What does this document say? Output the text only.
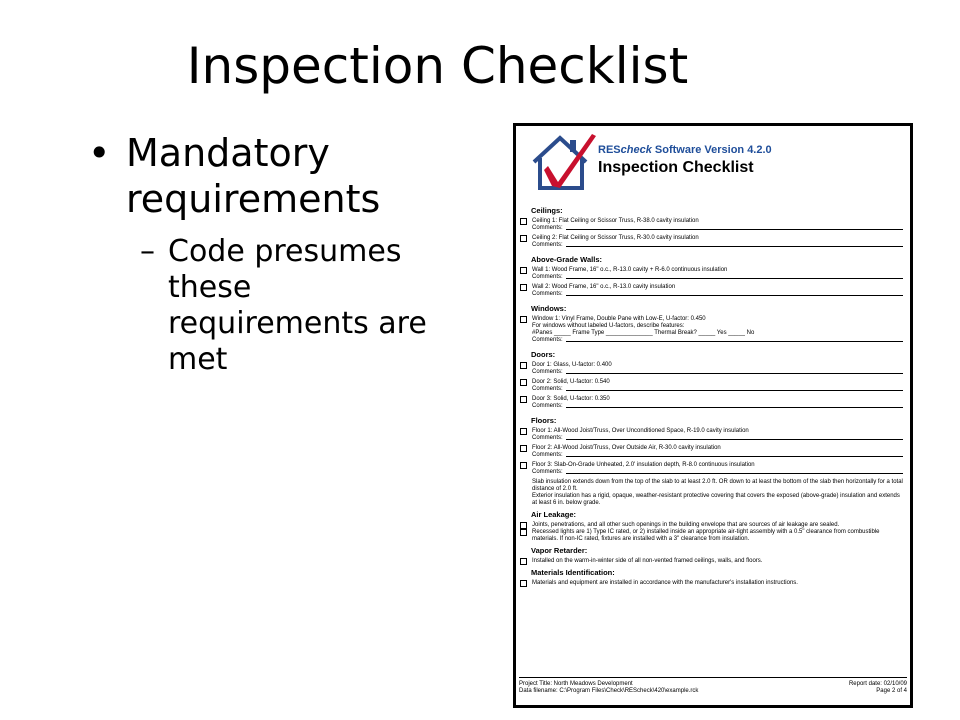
Inspection Checklist
• Mandatory requirements
– Code presumes these requirements are met
REScheck Software Version 4.2.0
Inspection Checklist
Ceilings:
Ceiling 1: Flat Ceiling or Scissor Truss, R-38.0 cavity insulation
Comments:
Ceiling 2: Flat Ceiling or Scissor Truss, R-30.0 cavity insulation
Comments:
Above-Grade Walls:
Wall 1: Wood Frame, 16" o.c., R-13.0 cavity + R-6.0 continuous insulation
Comments:
Wall 2: Wood Frame, 16" o.c., R-13.0 cavity insulation
Comments:
Windows:
Window 1: Vinyl Frame, Double Pane with Low-E, U-factor: 0.450
For windows without labeled U-factors, describe features:
#Panes _____ Frame Type ______________ Thermal Break? _____ Yes _____ No
Comments:
Doors:
Door 1: Glass, U-factor: 0.400
Comments:
Door 2: Solid, U-factor: 0.540
Comments:
Door 3: Solid, U-factor: 0.350
Comments:
Floors:
Floor 1: All-Wood Joist/Truss, Over Unconditioned Space, R-19.0 cavity insulation
Comments:
Floor 2: All-Wood Joist/Truss, Over Outside Air, R-30.0 cavity insulation
Comments:
Floor 3: Slab-On-Grade Unheated, 2.0' insulation depth, R-8.0 continuous insulation
Comments:
Slab insulation extends down from the top of the slab to at least 2.0 ft. OR down to at least the bottom of the slab then horizontally for a total distance of 2.0 ft.
Exterior insulation has a rigid, opaque, weather-resistant protective covering that covers the exposed (above-grade) insulation and extends at least 6 in. below grade.
Air Leakage:
Joints, penetrations, and all other such openings in the building envelope that are sources of air leakage are sealed.
Recessed lights are 1) Type IC rated, or 2) installed inside an appropriate air-tight assembly with a 0.5" clearance from combustible materials. If non-IC rated, fixtures are installed with a 3" clearance from insulation.
Vapor Retarder:
Installed on the warm-in-winter side of all non-vented framed ceilings, walls, and floors.
Materials Identification:
Materials and equipment are installed in accordance with the manufacturer's installation instructions.
Project Title: North Meadows Development
Data filename: C:\Program Files\Check\REScheck\420\example.rck
Report date: 02/10/09
Page 2 of 4
